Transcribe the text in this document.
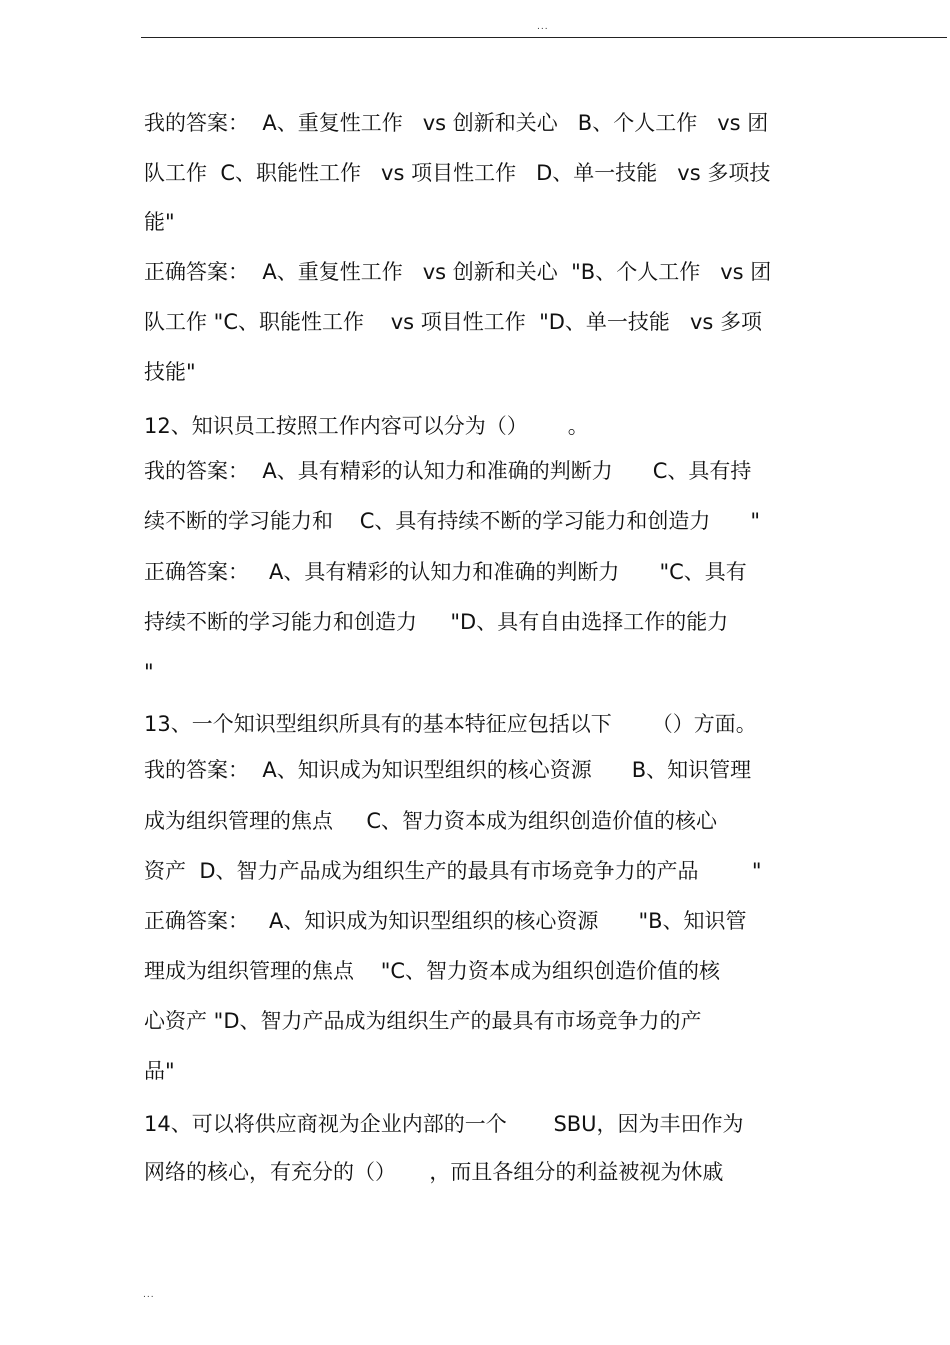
...

我的答案：  A、重复性工作   vs 创新和关心   B、个人工作   vs 团

队工作  C、职能性工作   vs 项目性工作   D、单一技能   vs 多项技

能"

正确答案：  A、重复性工作   vs 创新和关心  "B、个人工作   vs 团

队工作 "C、职能性工作    vs 项目性工作  "D、单一技能   vs 多项

技能"

12、知识员工按照工作内容可以分为（）      。

我的答案：  A、具有精彩的认知力和准确的判断力      C、具有持

续不断的学习能力和    C、具有持续不断的学习能力和创造力      "

正确答案：   A、具有精彩的认知力和准确的判断力      "C、具有

持续不断的学习能力和创造力     "D、具有自由选择工作的能力

"

13、一个知识型组织所具有的基本特征应包括以下      （）方面。

我的答案：  A、知识成为知识型组织的核心资源      B、知识管理

成为组织管理的焦点     C、智力资本成为组织创造价值的核心

资产  D、智力产品成为组织生产的最具有市场竞争力的产品        "

正确答案：   A、知识成为知识型组织的核心资源      "B、知识管

理成为组织管理的焦点    "C、智力资本成为组织创造价值的核

心资产 "D、智力产品成为组织生产的最具有市场竞争力的产

品"

14、可以将供应商视为企业内部的一个       SBU，因为丰田作为

网络的核心，有充分的（）     ，而且各组分的利益被视为休戚

...
